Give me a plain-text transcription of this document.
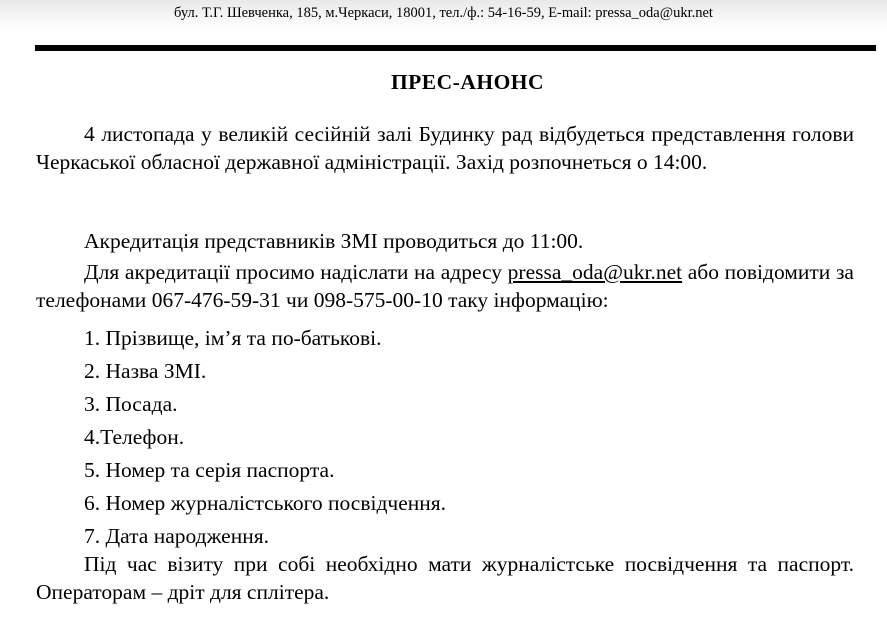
бул. Т.Г. Шевченка, 185, м.Черкаси, 18001, тел./ф.: 54-16-59, E-mail: pressa_oda@ukr.net
ПРЕС-АНОНС
4 листопада у великій сесійній залі Будинку рад відбудеться представлення голови Черкаської обласної державної адміністрації. Захід розпочнеться о 14:00.
Акредитація представників ЗМІ проводиться до 11:00.
Для акредитації просимо надіслати на адресу pressa_oda@ukr.net або повідомити за телефонами 067-476-59-31 чи 098-575-00-10 таку інформацію:
1. Прізвище, ім’я та по-батькові.
2. Назва ЗМІ.
3. Посада.
4.Телефон.
5. Номер та серія паспорта.
6. Номер журналістського посвідчення.
7. Дата народження.
Під час візиту при собі необхідно мати журналістське посвідчення та паспорт. Операторам – дріт для сплітера.
